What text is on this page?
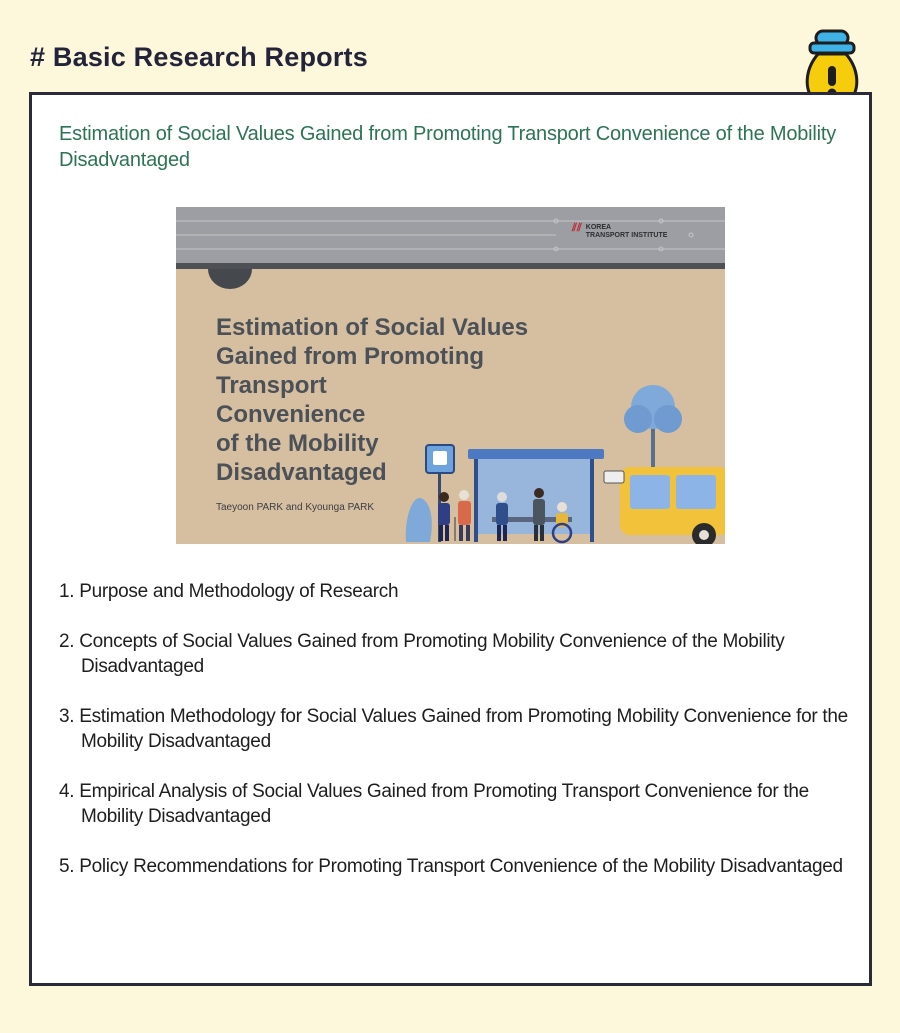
# Basic Research Reports
Estimation of Social Values Gained from Promoting Transport Convenience of the Mobility Disadvantaged
⫽⫽ KOREA
TRANSPORT INSTITUTE
Estimation of Social Values
Gained from Promoting
Transport
Convenience
of the Mobility
Disadvantaged
Taeyoon PARK and Kyounga PARK
1. Purpose and Methodology of Research
2. Concepts of Social Values Gained from Promoting Mobility Convenience of the Mobility Disadvantaged
3. Estimation Methodology for Social Values Gained from Promoting Mobility Convenience for the Mobility Disadvantaged
4. Empirical Analysis of Social Values Gained from Promoting Transport Convenience for the Mobility Disadvantaged
5. Policy Recommendations for Promoting Transport Convenience of the Mobility Disadvantaged
